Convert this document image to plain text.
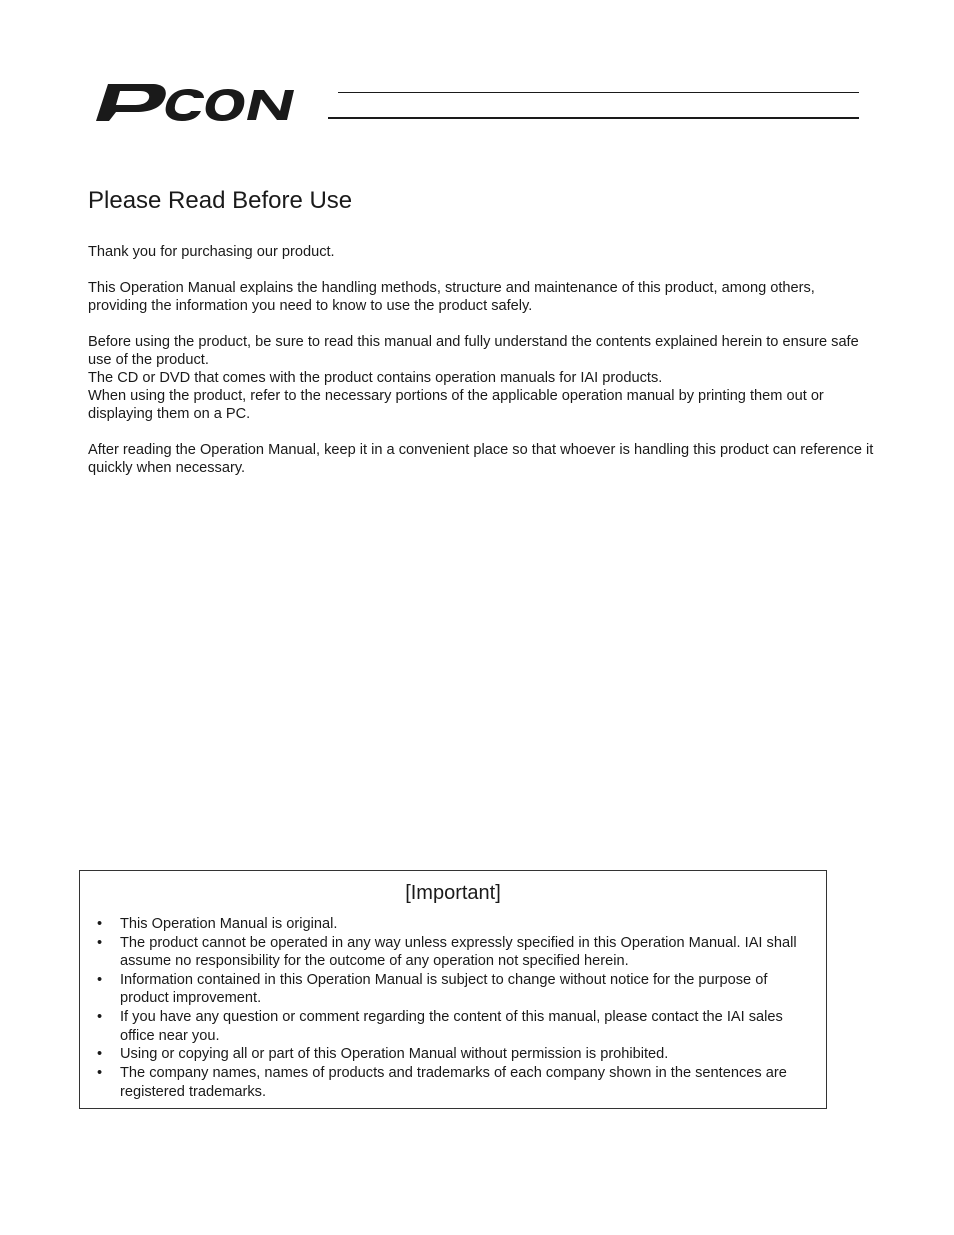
Please Read Before Use

Thank you for purchasing our product.

This Operation Manual explains the handling methods, structure and maintenance of this product, among others, providing the information you need to know to use the product safely.

Before using the product, be sure to read this manual and fully understand the contents explained herein to ensure safe use of the product.

The CD or DVD that comes with the product contains operation manuals for IAI products.

When using the product, refer to the necessary portions of the applicable operation manual by printing them out or displaying them on a PC.

After reading the Operation Manual, keep it in a convenient place so that whoever is handling this product can reference it quickly when necessary.

[Important]
• This Operation Manual is original.
• The product cannot be operated in any way unless expressly specified in this Operation Manual. IAI shall assume no responsibility for the outcome of any operation not specified herein.
• Information contained in this Operation Manual is subject to change without notice for the purpose of product improvement.
• If you have any question or comment regarding the content of this manual, please contact the IAI sales office near you.
• Using or copying all or part of this Operation Manual without permission is prohibited.
• The company names, names of products and trademarks of each company shown in the sentences are registered trademarks.
